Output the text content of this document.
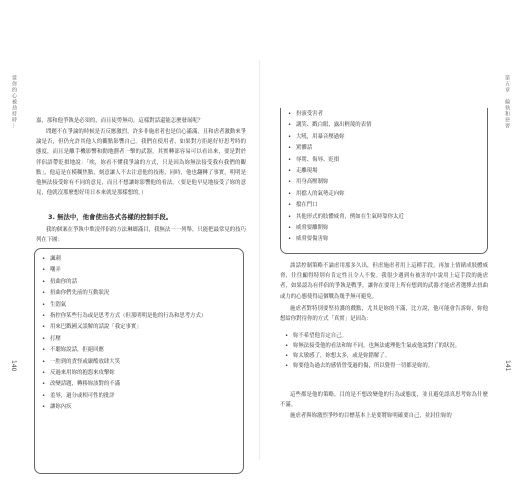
當你的心被劫持時…
140

嘉，那和他爭執是必須的，而且徒勞無功。這樣對話還能怎麼發展呢？

問題不在爭論的時候是否反應激烈，許多非施虐者也是信心滿滿，且和虐者激動來爭論是否，但仍允許其他人的觀點影響自己。我們在使用者，如果對方拒絕好好思考時的態度，而且是離手機影響和動地劃者一擊的武器，其實轉部容易可以看出來，要是對於伴侶語帶貶損地說：「唉，妳看不懂我爭論的方式，只是因為妳無法接受我有我們的觀點」，他這是在模糊焦點，刻意讓人不去注意他的技術，同時，他也翻轉了事實，明明是他無法接受妳有不同的意見，而且不想讓妳影響他的看法。（要是他早見地接受了妳的意見，他就沒那麼想好用日本來就是那樣想的。）

3. 無法中，他會使出各式各樣的控制手段。

我的個案在爭執中欺凌伴侶的方法琳瑯滿目，我無法一一列舉，只能把最常見的技巧列在下圖：

• 諷刺
• 嘲弄
• 扭曲你的話
• 扭曲你們先前的互動狀況
• 生悶氣
• 指控你某些行為或是思考方式（但那明明是他的行為和思考方式）
• 用來巴戳國又誤解的話說「我定事實」
• 打壓
• 不聽妳說話，拒絕回應
• 一腔到的責怪或嚴酷放肆大笑
• 反過來用妳的抱怨來攻擊妳
• 改變話題，轉移妳該對的不滿
• 羞辱，過分或相可性的批評
• 讓妳內疚
第五章　偏執和惡習
141
• 扮演受害者
• 講笑、戳白眼、露出輕蔑的表情
• 大吼，用暴音壓過妳
• 罵髒話
• 辱罵、侮辱、貶損
• 走離現場
• 用身高壓制妳
• 用擋人的氣勢走向妳
• 擋在門口
• 其他形式的肢體威脅，例如在生氣時靠你太近
• 威脅要離開妳
• 威脅要傷害妳

談話控制策略不論虐用那多久出，但虐施虐者用上這種手段，再加上情緒成肢體威脅，往往顯得特別有肯定性且令人不悅。我很少遇到有被害的中說用上這手段的施虐者，如果認為有伴侶的爭執是戰爭，讓你在要用上所有想到的武器才能虐者選擇去扭曲或力的心態使得這個戰為幾乎無可避免。

施虐者對特別要堅持護的戲點，尤其是妳的不滿，比方說，他可能會告訴妳，妳他想給你對待你的方式「真實」是因為：

• 妳不希望他肯定自己。
• 妳無法接受他的看法和妳不同，也無法處理他生氣或他說對了的狀況。
• 妳太敏感了，妳想太多，或是妳錯解了。
• 妳要他為過去的感情曾受過的傷，所以覺得一切都是妳的。

這些都是他的策略，目的是不想改變他的行為或態度，並且避免認真思考妳為什麼不滿。

施虐者與妳激烈爭吵的目標基本上是要將妳明確要自己，並封住妳的
